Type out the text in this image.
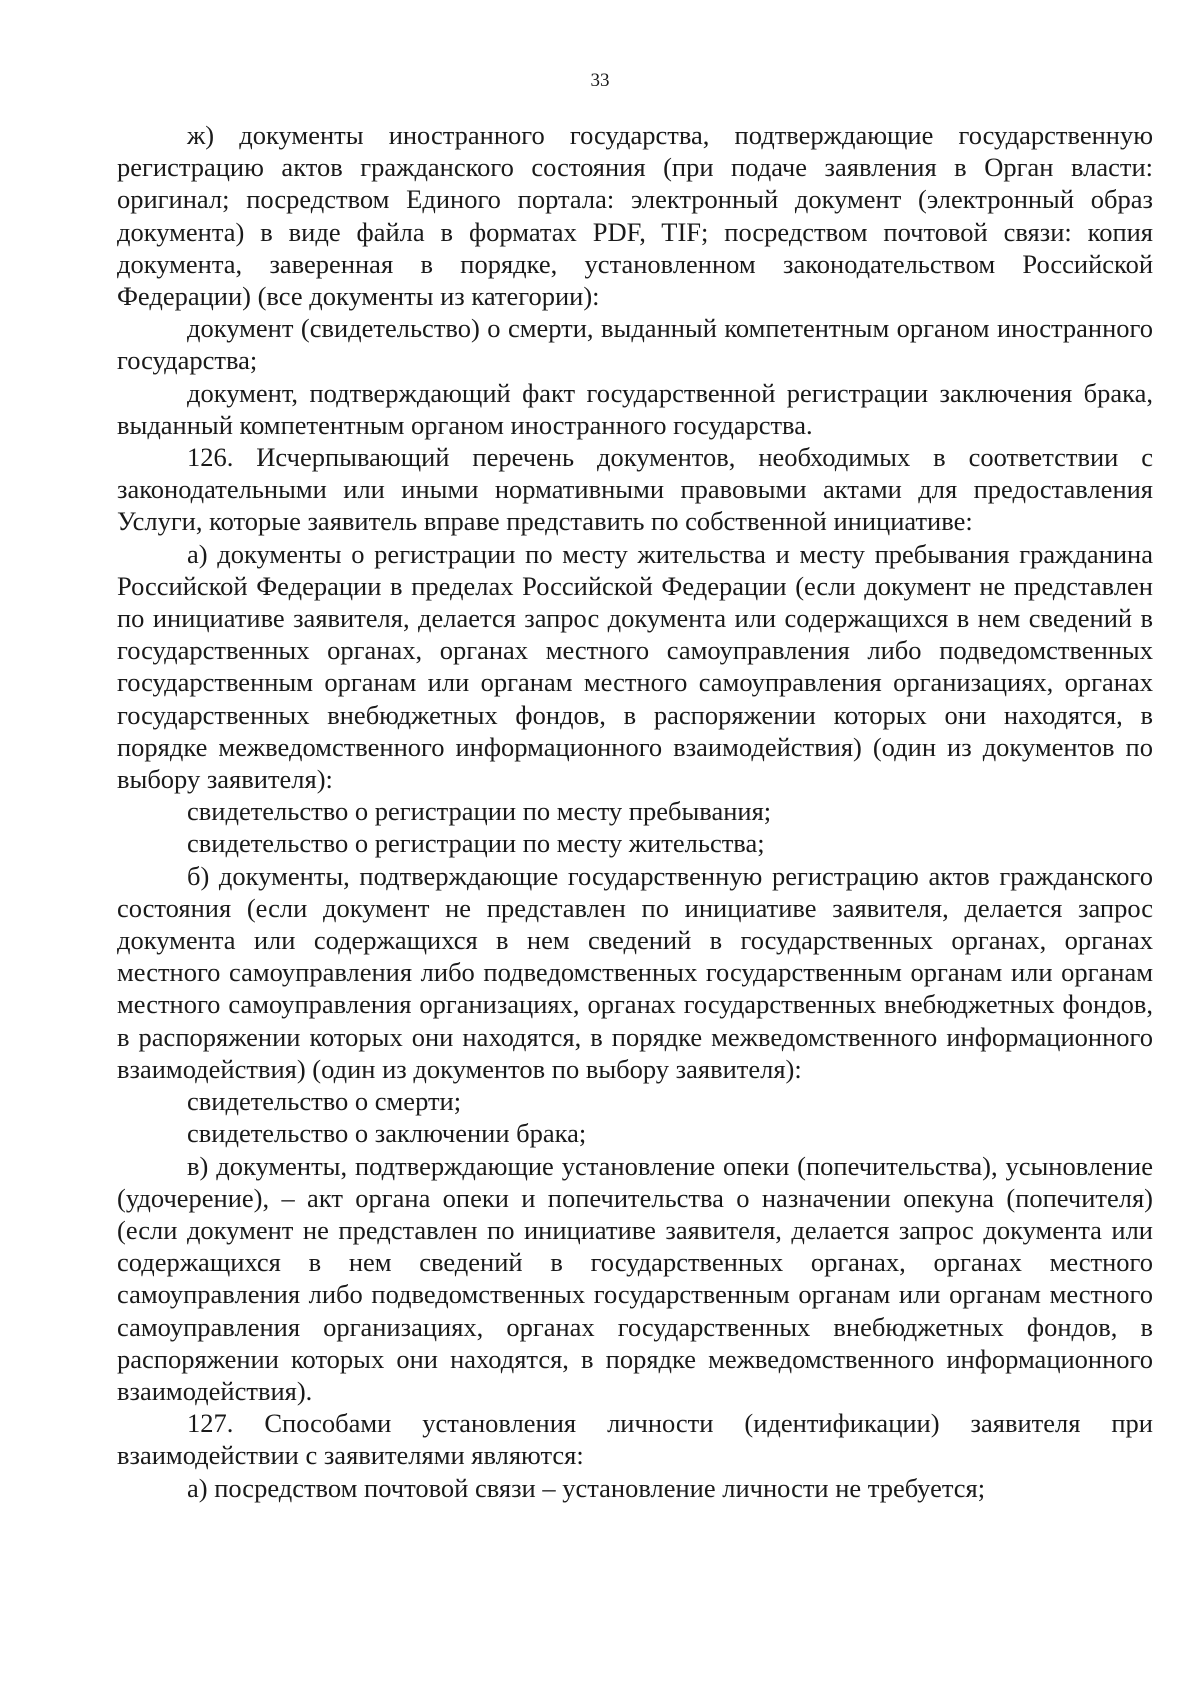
33

ж) документы иностранного государства, подтверждающие государственную регистрацию актов гражданского состояния (при подаче заявления в Орган власти: оригинал; посредством Единого портала: электронный документ (электронный образ документа) в виде файла в форматах PDF, TIF; посредством почтовой связи: копия документа, заверенная в порядке, установленном законодательством Российской Федерации) (все документы из категории):

документ (свидетельство) о смерти, выданный компетентным органом иностранного государства;

документ, подтверждающий факт государственной регистрации заключения брака, выданный компетентным органом иностранного государства.

126. Исчерпывающий перечень документов, необходимых в соответствии с законодательными или иными нормативными правовыми актами для предоставления Услуги, которые заявитель вправе представить по собственной инициативе:

а) документы о регистрации по месту жительства и месту пребывания гражданина Российской Федерации в пределах Российской Федерации (если документ не представлен по инициативе заявителя, делается запрос документа или содержащихся в нем сведений в государственных органах, органах местного самоуправления либо подведомственных государственным органам или органам местного самоуправления организациях, органах государственных внебюджетных фондов, в распоряжении которых они находятся, в порядке межведомственного информационного взаимодействия) (один из документов по выбору заявителя):

свидетельство о регистрации по месту пребывания;

свидетельство о регистрации по месту жительства;

б) документы, подтверждающие государственную регистрацию актов гражданского состояния (если документ не представлен по инициативе заявителя, делается запрос документа или содержащихся в нем сведений в государственных органах, органах местного самоуправления либо подведомственных государственным органам или органам местного самоуправления организациях, органах государственных внебюджетных фондов, в распоряжении которых они находятся, в порядке межведомственного информационного взаимодействия) (один из документов по выбору заявителя):

свидетельство о смерти;

свидетельство о заключении брака;

в) документы, подтверждающие установление опеки (попечительства), усыновление (удочерение), – акт органа опеки и попечительства о назначении опекуна (попечителя) (если документ не представлен по инициативе заявителя, делается запрос документа или содержащихся в нем сведений в государственных органах, органах местного самоуправления либо подведомственных государственным органам или органам местного самоуправления организациях, органах государственных внебюджетных фондов, в распоряжении которых они находятся, в порядке межведомственного информационного взаимодействия).

127. Способами установления личности (идентификации) заявителя при взаимодействии с заявителями являются:

а) посредством почтовой связи – установление личности не требуется;
